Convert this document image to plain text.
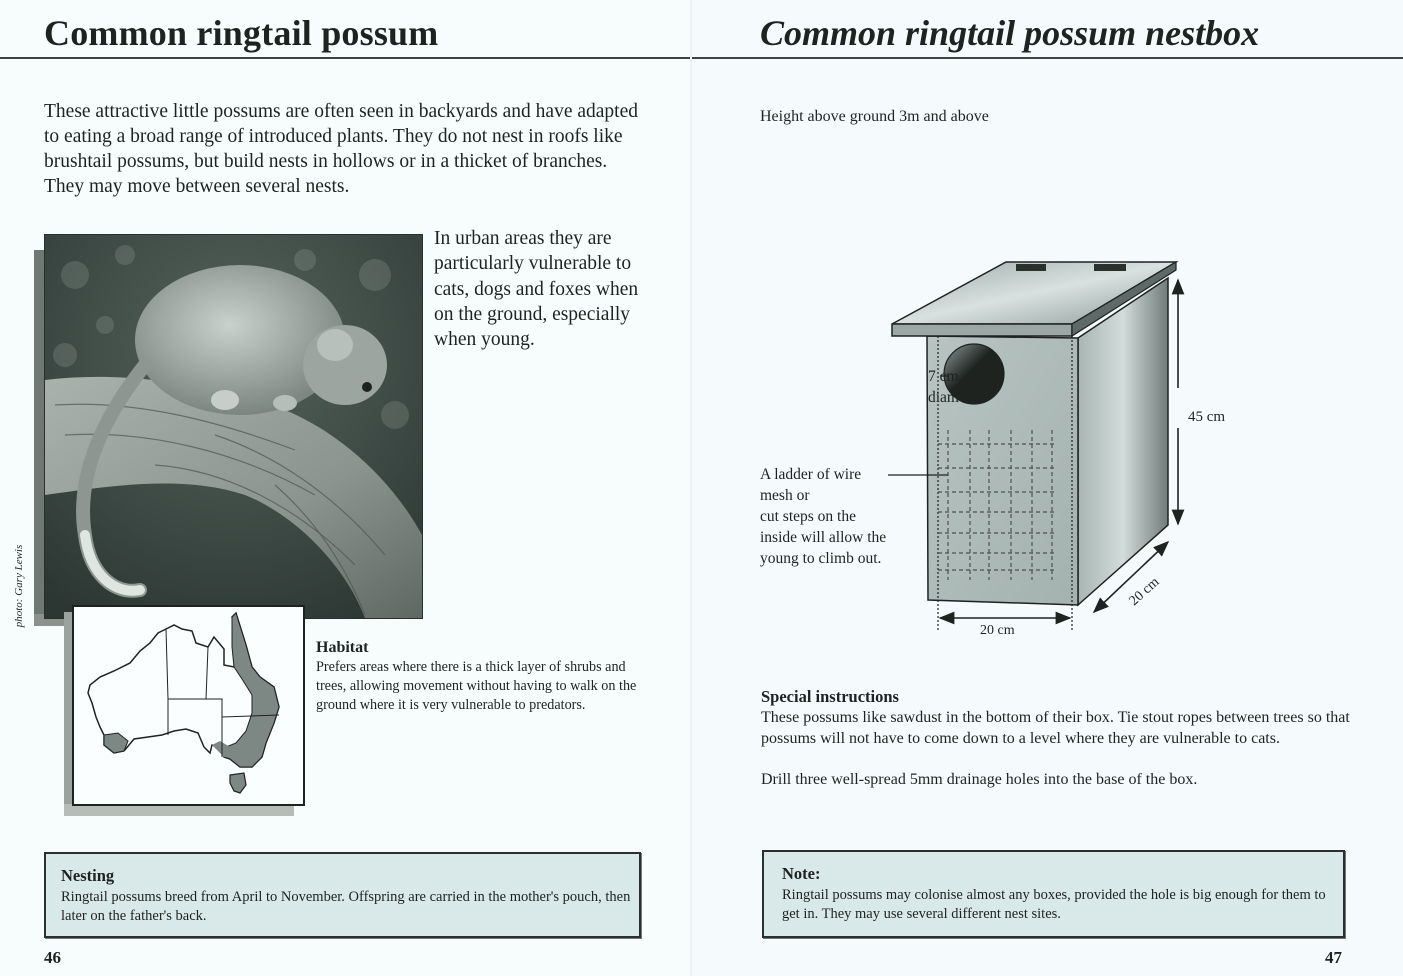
Common ringtail possum
These attractive little possums are often seen in backyards and have adapted to eating a broad range of introduced plants. They do not nest in roofs like brushtail possums, but build nests in hollows or in a thicket of branches. They may move between several nests.
photo: Gary Lewis
In urban areas they are particularly vulnerable to cats, dogs and foxes when on the ground, especially when young.
Habitat
Prefers areas where there is a thick layer of shrubs and trees, allowing movement without having to walk on the ground where it is very vulnerable to predators.
Nesting

Ringtail possums breed from April to November. Offspring are carried in the mother's pouch, then later on the father's back.

46
Common ringtail possum nestbox
Height above ground 3m and above
45 cm
20 cm
20 cm
7 cm
diameter
A ladder of wire
mesh or
cut steps on the
inside will allow the
young to climb out.
Special instructions

These possums like sawdust in the bottom of their box. Tie stout ropes between trees so that possums will not have to come down to a level where they are vulnerable to cats.

Drill three well-spread 5mm drainage holes into the base of the box.

Note:

Ringtail possums may colonise almost any boxes, provided the hole is big enough for them to get in. They may use several different nest sites.

47
